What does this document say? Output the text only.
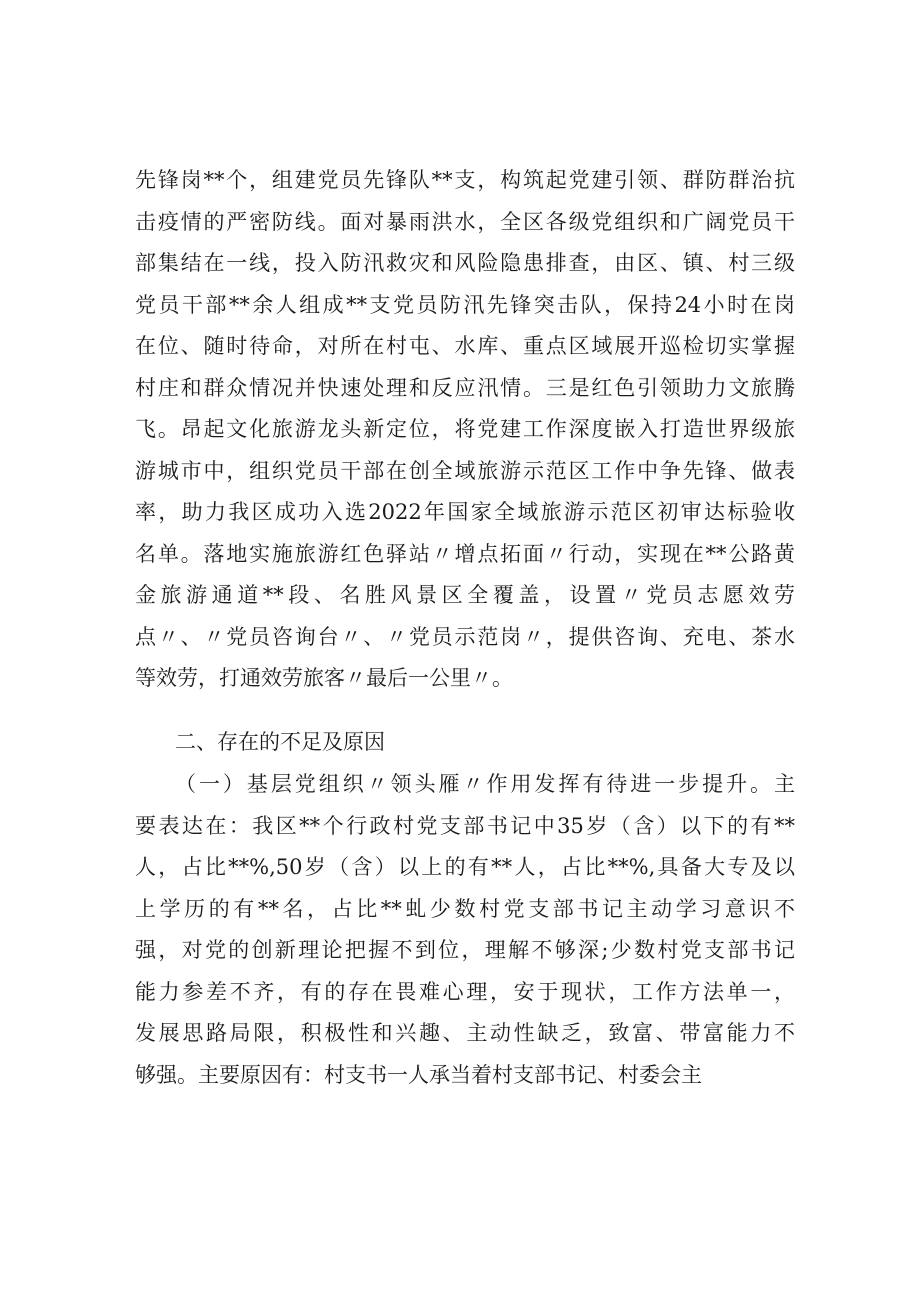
先锋岗**个，组建党员先锋队**支，构筑起党建引领、群防群治抗
击疫情的严密防线。面对暴雨洪水，全区各级党组织和广阔党员干
部集结在一线，投入防汛救灾和风险隐患排查，由区、镇、村三级
党员干部**余人组成**支党员防汛先锋突击队，保持24小时在岗
在位、随时待命，对所在村屯、水库、重点区域展开巡检切实掌握
村庄和群众情况并快速处理和反应汛情。三是红色引领助力文旅腾
飞。昂起文化旅游龙头新定位，将党建工作深度嵌入打造世界级旅
游城市中，组织党员干部在创全域旅游示范区工作中争先锋、做表
率，助力我区成功入选2022年国家全域旅游示范区初审达标验收
名单。落地实施旅游红色驿站〃增点拓面〃行动，实现在**公路黄
金旅游通道**段、名胜风景区全覆盖，设置〃党员志愿效劳
点〃、〃党员咨询台〃、〃党员示范岗〃，提供咨询、充电、茶水
等效劳，打通效劳旅客〃最后一公里〃。
二、存在的不足及原因
（一）基层党组织〃领头雁〃作用发挥有待进一步提升。主
要表达在：我区**个行政村党支部书记中35岁（含）以下的有**
人，占比**%,50岁（含）以上的有**人，占比**%,具备大专及以
上学历的有**名，占比**虬少数村党支部书记主动学习意识不
强，对党的创新理论把握不到位，理解不够深;少数村党支部书记
能力参差不齐，有的存在畏难心理，安于现状，工作方法单一，
发展思路局限，积极性和兴趣、主动性缺乏，致富、带富能力不
够强。主要原因有：村支书一人承当着村支部书记、村委会主
